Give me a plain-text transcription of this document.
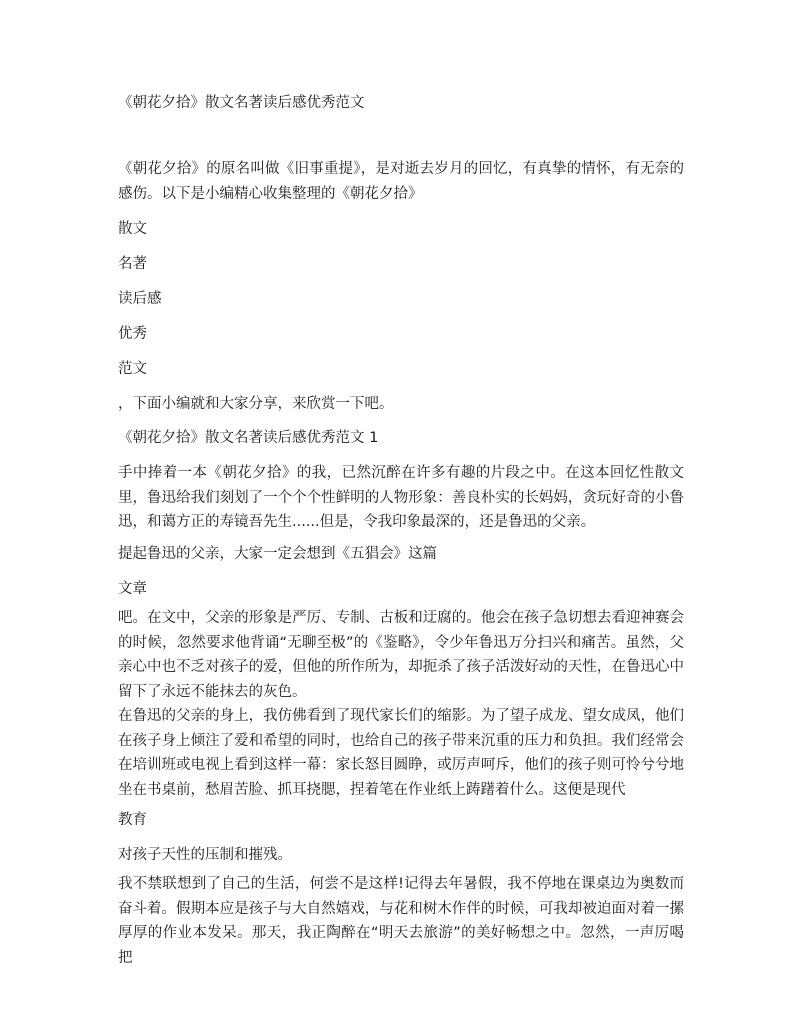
《朝花夕拾》散文名著读后感优秀范文
《朝花夕拾》的原名叫做《旧事重提》，是对逝去岁月的回忆，有真挚的情怀，有无奈的感伤。以下是小编精心收集整理的《朝花夕拾》
散文
名著
读后感
优秀
范文
，下面小编就和大家分享，来欣赏一下吧。
《朝花夕拾》散文名著读后感优秀范文 1
手中捧着一本《朝花夕拾》的我，已然沉醉在许多有趣的片段之中。在这本回忆性散文里，鲁迅给我们刻划了一个个个性鲜明的人物形象：善良朴实的长妈妈，贪玩好奇的小鲁迅，和蔼方正的寿镜吾先生......但是，令我印象最深的，还是鲁迅的父亲。
提起鲁迅的父亲，大家一定会想到《五猖会》这篇
文章
吧。在文中，父亲的形象是严厉、专制、古板和迂腐的。他会在孩子急切想去看迎神赛会的时候，忽然要求他背诵“无聊至极”的《鉴略》，令少年鲁迅万分扫兴和痛苦。虽然，父亲心中也不乏对孩子的爱，但他的所作所为，却扼杀了孩子活泼好动的天性，在鲁迅心中留下了永远不能抹去的灰色。
在鲁迅的父亲的身上，我仿佛看到了现代家长们的缩影。为了望子成龙、望女成凤，他们在孩子身上倾注了爱和希望的同时，也给自己的孩子带来沉重的压力和负担。我们经常会在培训班或电视上看到这样一幕：家长怒目圆睁，或厉声呵斥，他们的孩子则可怜兮兮地坐在书桌前，愁眉苦脸、抓耳挠腮，捏着笔在作业纸上踌躇着什么。这便是现代
教育
对孩子天性的压制和摧残。
我不禁联想到了自己的生活，何尝不是这样!记得去年暑假，我不停地在课桌边为奥数而奋斗着。假期本应是孩子与大自然嬉戏，与花和树木作伴的时候，可我却被迫面对着一摞厚厚的作业本发呆。那天，我正陶醉在“明天去旅游”的美好畅想之中。忽然，一声厉喝把
